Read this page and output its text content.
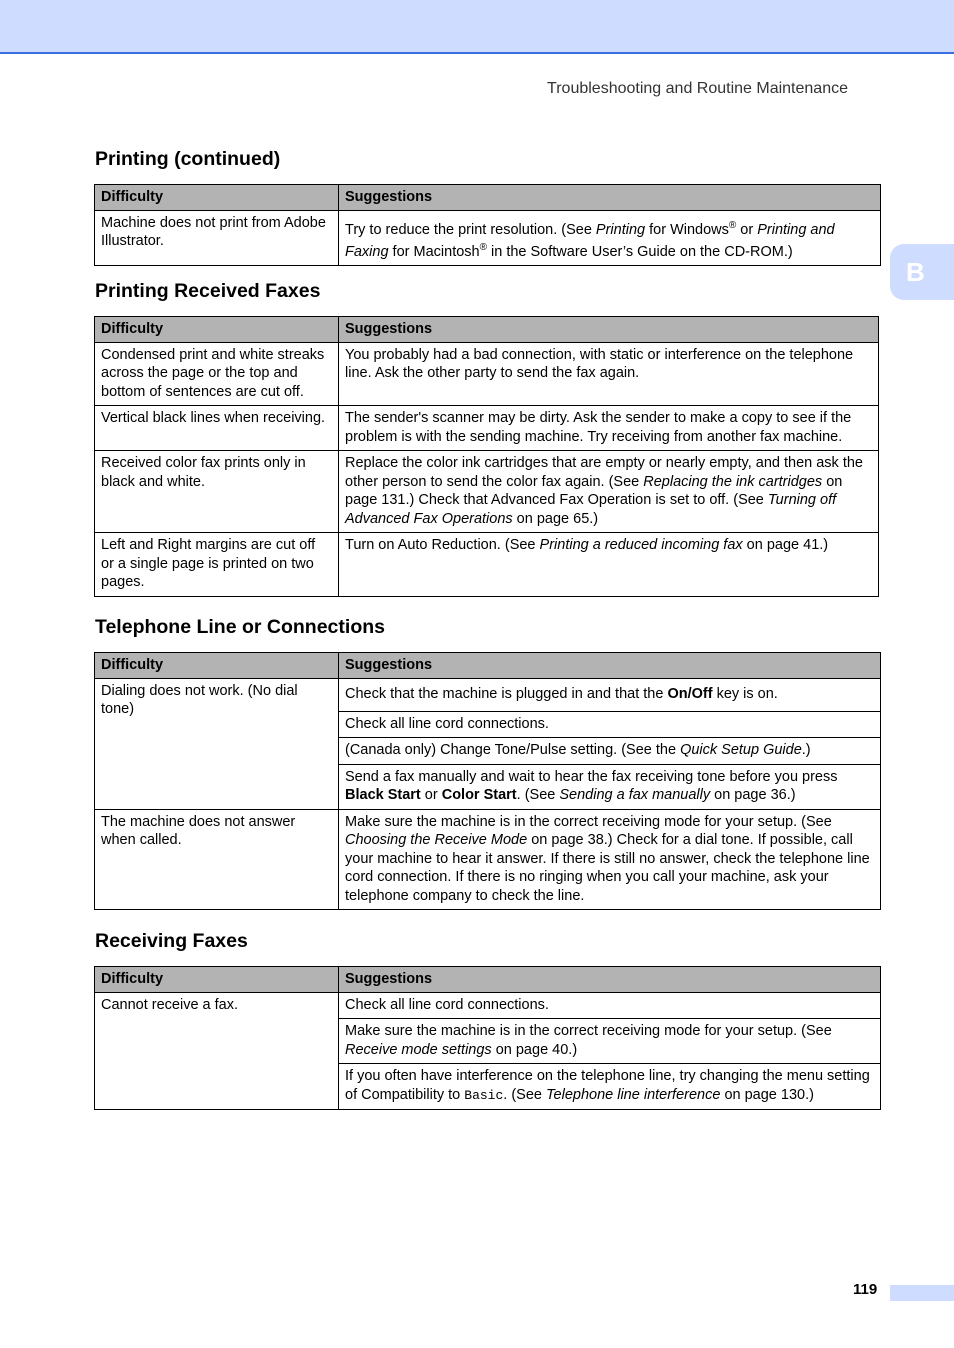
Troubleshooting and Routine Maintenance
B
Printing (continued)
Difficulty	Suggestions
Machine does not print from Adobe Illustrator.	Try to reduce the print resolution. (See Printing for Windows® or Printing and Faxing for Macintosh® in the Software User’s Guide on the CD-ROM.)
Printing Received Faxes
Difficulty	Suggestions
Condensed print and white streaks across the page or the top and bottom of sentences are cut off.	You probably had a bad connection, with static or interference on the telephone line. Ask the other party to send the fax again.
Vertical black lines when receiving.	The sender's scanner may be dirty. Ask the sender to make a copy to see if the problem is with the sending machine. Try receiving from another fax machine.
Received color fax prints only in black and white.	Replace the color ink cartridges that are empty or nearly empty, and then ask the other person to send the color fax again. (See Replacing the ink cartridges on page 131.) Check that Advanced Fax Operation is set to off. (See Turning off Advanced Fax Operations on page 65.)
Left and Right margins are cut off or a single page is printed on two pages.	Turn on Auto Reduction. (See Printing a reduced incoming fax on page 41.)
Telephone Line or Connections
Difficulty	Suggestions
Dialing does not work. (No dial tone)	Check that the machine is plugged in and that the On/Off key is on.
	Check all line cord connections.
	(Canada only) Change Tone/Pulse setting. (See the Quick Setup Guide.)
	Send a fax manually and wait to hear the fax receiving tone before you press Black Start or Color Start. (See Sending a fax manually on page 36.)
The machine does not answer when called.	Make sure the machine is in the correct receiving mode for your setup. (See Choosing the Receive Mode on page 38.) Check for a dial tone. If possible, call your machine to hear it answer. If there is still no answer, check the telephone line cord connection. If there is no ringing when you call your machine, ask your telephone company to check the line.
Receiving Faxes
Difficulty	Suggestions
Cannot receive a fax.	Check all line cord connections.
	Make sure the machine is in the correct receiving mode for your setup. (See Receive mode settings on page 40.)
	If you often have interference on the telephone line, try changing the menu setting of Compatibility to Basic. (See Telephone line interference on page 130.)
119
